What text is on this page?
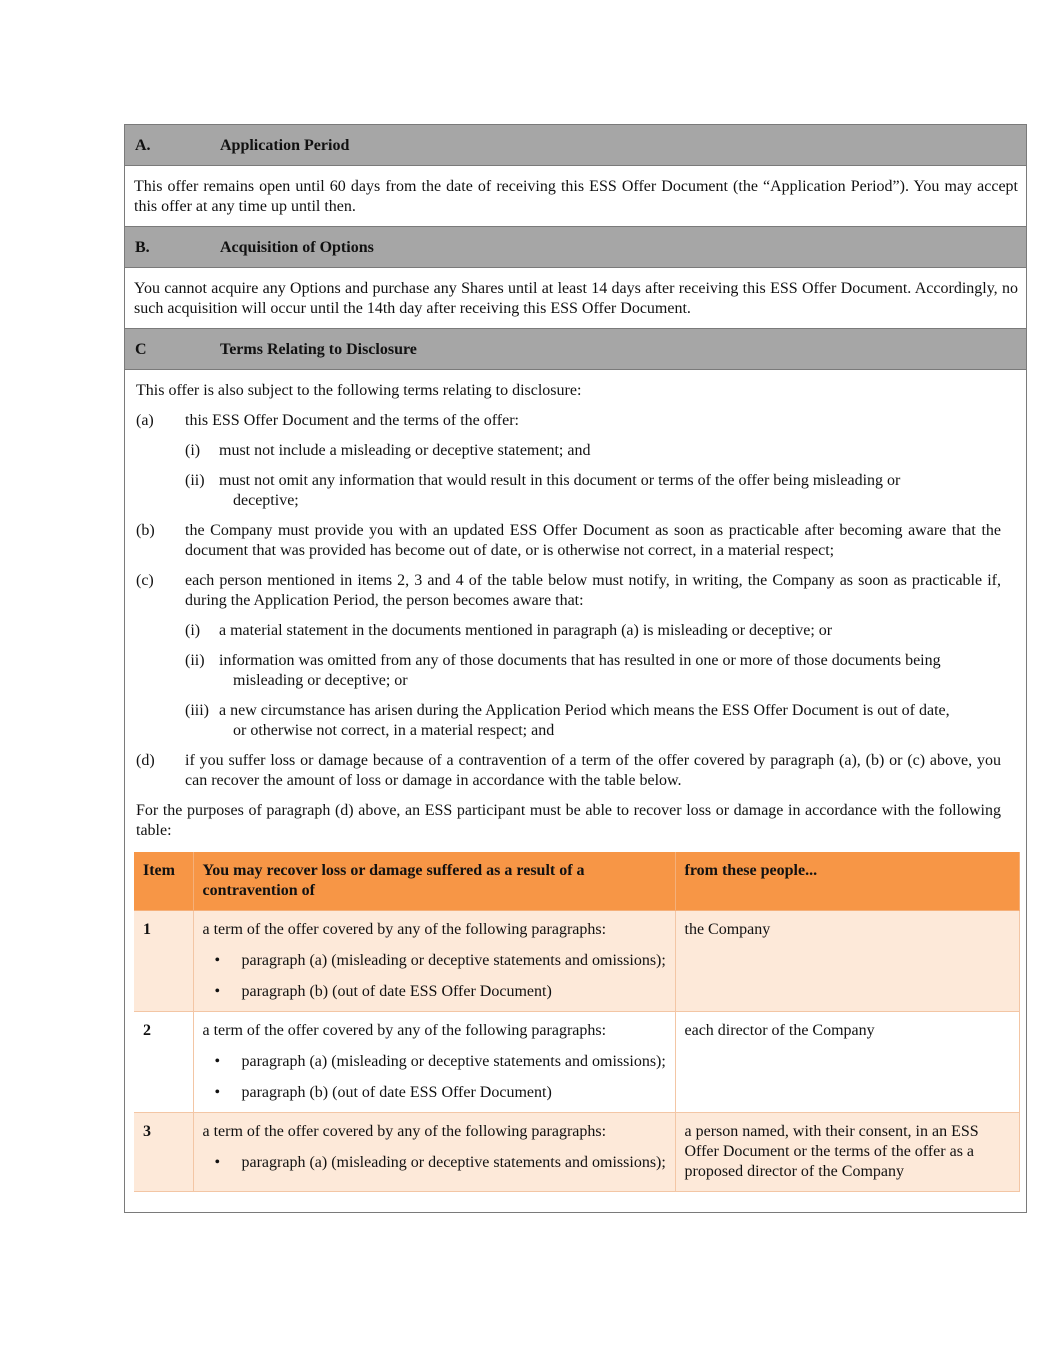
A.	Application Period

This offer remains open until 60 days from the date of receiving this ESS Offer Document (the “Application Period”). You may accept this offer at any time up until then.

B.	Acquisition of Options

You cannot acquire any Options and purchase any Shares until at least 14 days after receiving this ESS Offer Document. Accordingly, no such acquisition will occur until the 14th day after receiving this ESS Offer Document.

C	Terms Relating to Disclosure

This offer is also subject to the following terms relating to disclosure:

(a)	this ESS Offer Document and the terms of the offer:
(i)	must not include a misleading or deceptive statement; and
(ii) must not omit any information that would result in this document or terms of the offer being misleading or
deceptive;
(b)	the Company must provide you with an updated ESS Offer Document as soon as practicable after becoming aware that the document that was provided has become out of date, or is otherwise not correct, in a material respect;
(c)	each person mentioned in items 2, 3 and 4 of the table below must notify, in writing, the Company as soon as practicable if, during the Application Period, the person becomes aware that:
(i)	a material statement in the documents mentioned in paragraph (a) is misleading or deceptive; or
(ii) information was omitted from any of those documents that has resulted in one or more of those documents being
misleading or deceptive; or
(iii) a new circumstance has arisen during the Application Period which means the ESS Offer Document is out of date,
or otherwise not correct, in a material respect; and
(d)	if you suffer loss or damage because of a contravention of a term of the offer covered by paragraph (a), (b) or (c) above, you can recover the amount of loss or damage in accordance with the table below.
For the purposes of paragraph (d) above, an ESS participant must be able to recover loss or damage in accordance with the following table:
Item	You may recover loss or damage suffered as a result of a contravention of	from these people...
1	a term of the offer covered by any of the following paragraphs:
• paragraph (a) (misleading or deceptive statements and omissions);
• paragraph (b) (out of date ESS Offer Document)	the Company
2	a term of the offer covered by any of the following paragraphs:
• paragraph (a) (misleading or deceptive statements and omissions);
• paragraph (b) (out of date ESS Offer Document)	each director of the Company
3	a term of the offer covered by any of the following paragraphs:
• paragraph (a) (misleading or deceptive statements and omissions);	a person named, with their consent, in an ESS Offer Document or the terms of the offer as a proposed director of the Company
